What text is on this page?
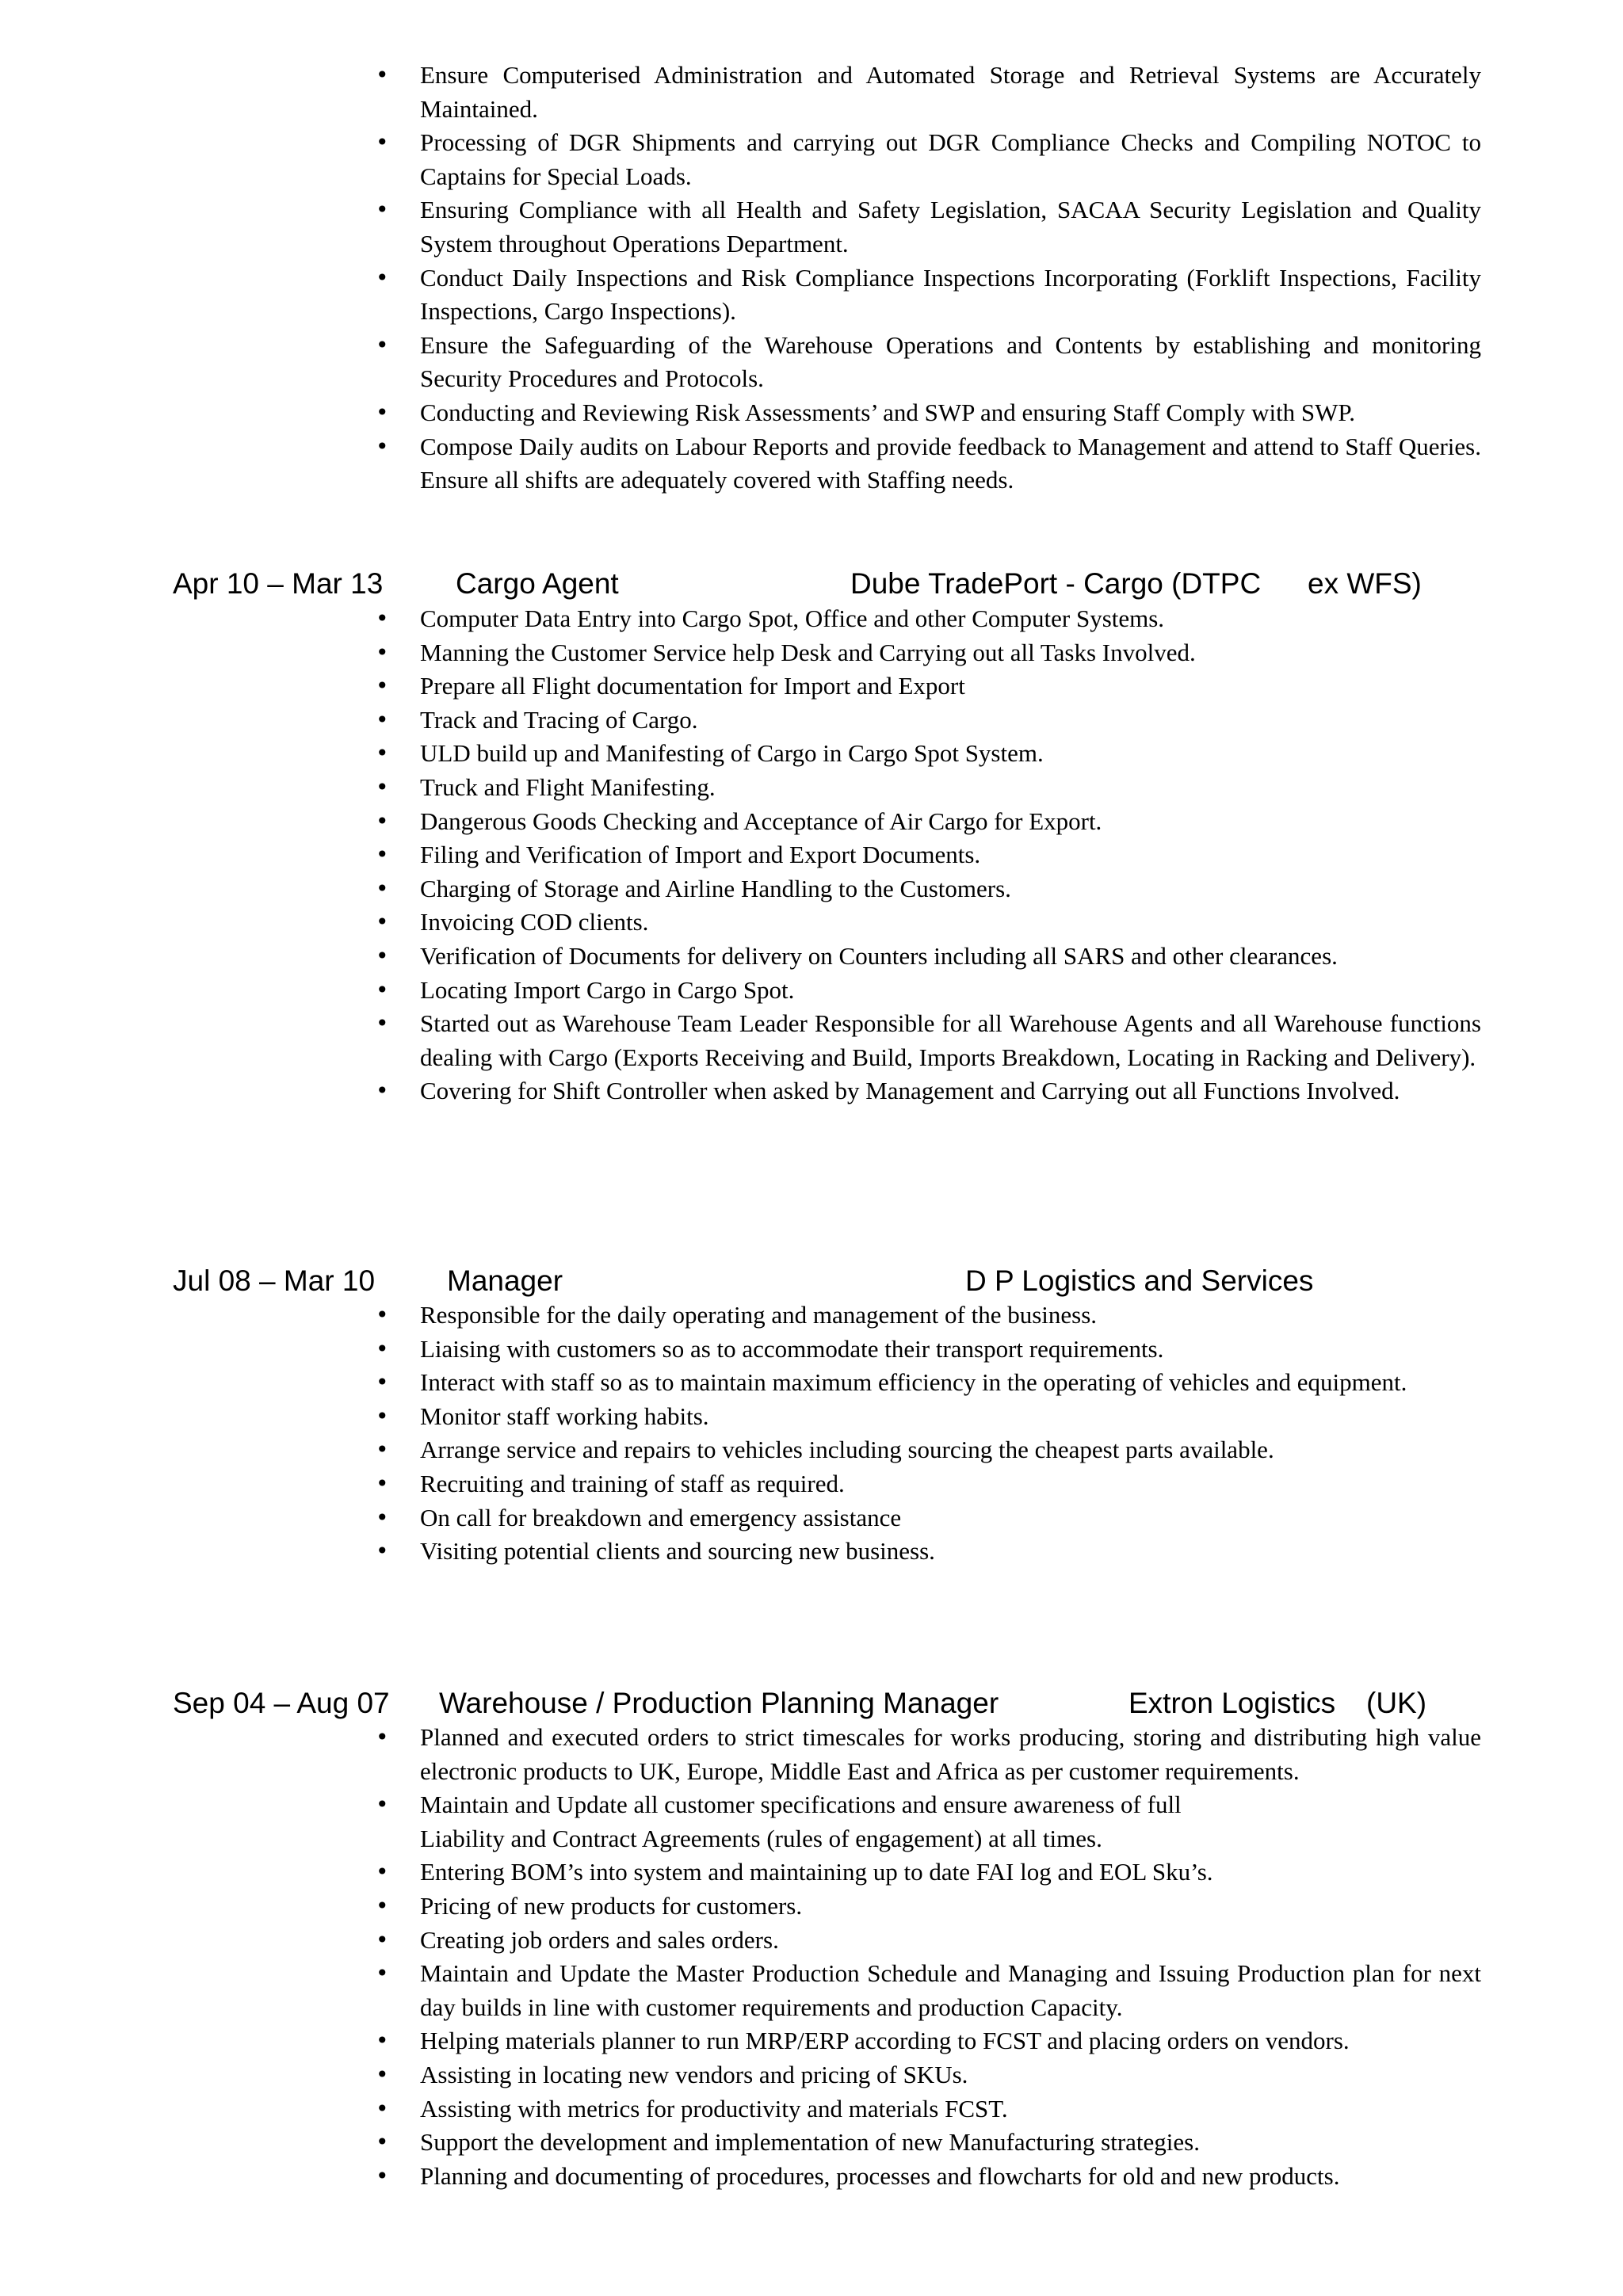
• Ensure Computerised Administration and Automated Storage and Retrieval Systems are Accurately Maintained.
• Processing of DGR Shipments and carrying out DGR Compliance Checks and Compiling NOTOC to Captains for Special Loads.
• Ensuring Compliance with all Health and Safety Legislation, SACAA Security Legislation and Quality System throughout Operations Department.
• Conduct Daily Inspections and Risk Compliance Inspections Incorporating (Forklift Inspections, Facility Inspections, Cargo Inspections).
• Ensure the Safeguarding of the Warehouse Operations and Contents by establishing and monitoring Security Procedures and Protocols.
• Conducting and Reviewing Risk Assessments’ and SWP and ensuring Staff Comply with SWP.
• Compose Daily audits on Labour Reports and provide feedback to Management and attend to Staff Queries. Ensure all shifts are adequately covered with Staffing needs.
Apr 10 – Mar 13 Cargo Agent	Dube TradePort - Cargo (DTPC ex WFS)
• Computer Data Entry into Cargo Spot, Office and other Computer Systems.
• Manning the Customer Service help Desk and Carrying out all Tasks Involved.
• Prepare all Flight documentation for Import and Export
• Track and Tracing of Cargo.
• ULD build up and Manifesting of Cargo in Cargo Spot System.
• Truck and Flight Manifesting.
• Dangerous Goods Checking and Acceptance of Air Cargo for Export.
• Filing and Verification of Import and Export Documents.
• Charging of Storage and Airline Handling to the Customers.
• Invoicing COD clients.
• Verification of Documents for delivery on Counters including all SARS and other clearances.
• Locating Import Cargo in Cargo Spot.
• Started out as Warehouse Team Leader Responsible for all Warehouse Agents and all Warehouse functions dealing with Cargo (Exports Receiving and Build, Imports Breakdown, Locating in Racking and Delivery).
• Covering for Shift Controller when asked by Management and Carrying out all Functions Involved.
Jul 08 – Mar 10 Manager	D P Logistics and Services
• Responsible for the daily operating and management of the business.
• Liaising with customers so as to accommodate their transport requirements.
• Interact with staff so as to maintain maximum efficiency in the operating of vehicles and equipment.
• Monitor staff working habits.
• Arrange service and repairs to vehicles including sourcing the cheapest parts available.
• Recruiting and training of staff as required.
• On call for breakdown and emergency assistance
• Visiting potential clients and sourcing new business.
Sep 04 – Aug 07 Warehouse / Production Planning Manager	Extron Logistics (UK)
• Planned and executed orders to strict timescales for works producing, storing and distributing high value electronic products to UK, Europe, Middle East and Africa as per customer requirements.
• Maintain and Update all customer specifications and ensure awareness of full
Liability and Contract Agreements (rules of engagement) at all times.
• Entering BOM’s into system and maintaining up to date FAI log and EOL Sku’s.
• Pricing of new products for customers.
• Creating job orders and sales orders.
• Maintain and Update the Master Production Schedule and Managing and Issuing Production plan for next day builds in line with customer requirements and production Capacity.
• Helping materials planner to run MRP/ERP according to FCST and placing orders on vendors.
• Assisting in locating new vendors and pricing of SKUs.
• Assisting with metrics for productivity and materials FCST.
• Support the development and implementation of new Manufacturing strategies.
• Planning and documenting of procedures, processes and flowcharts for old and new products.
